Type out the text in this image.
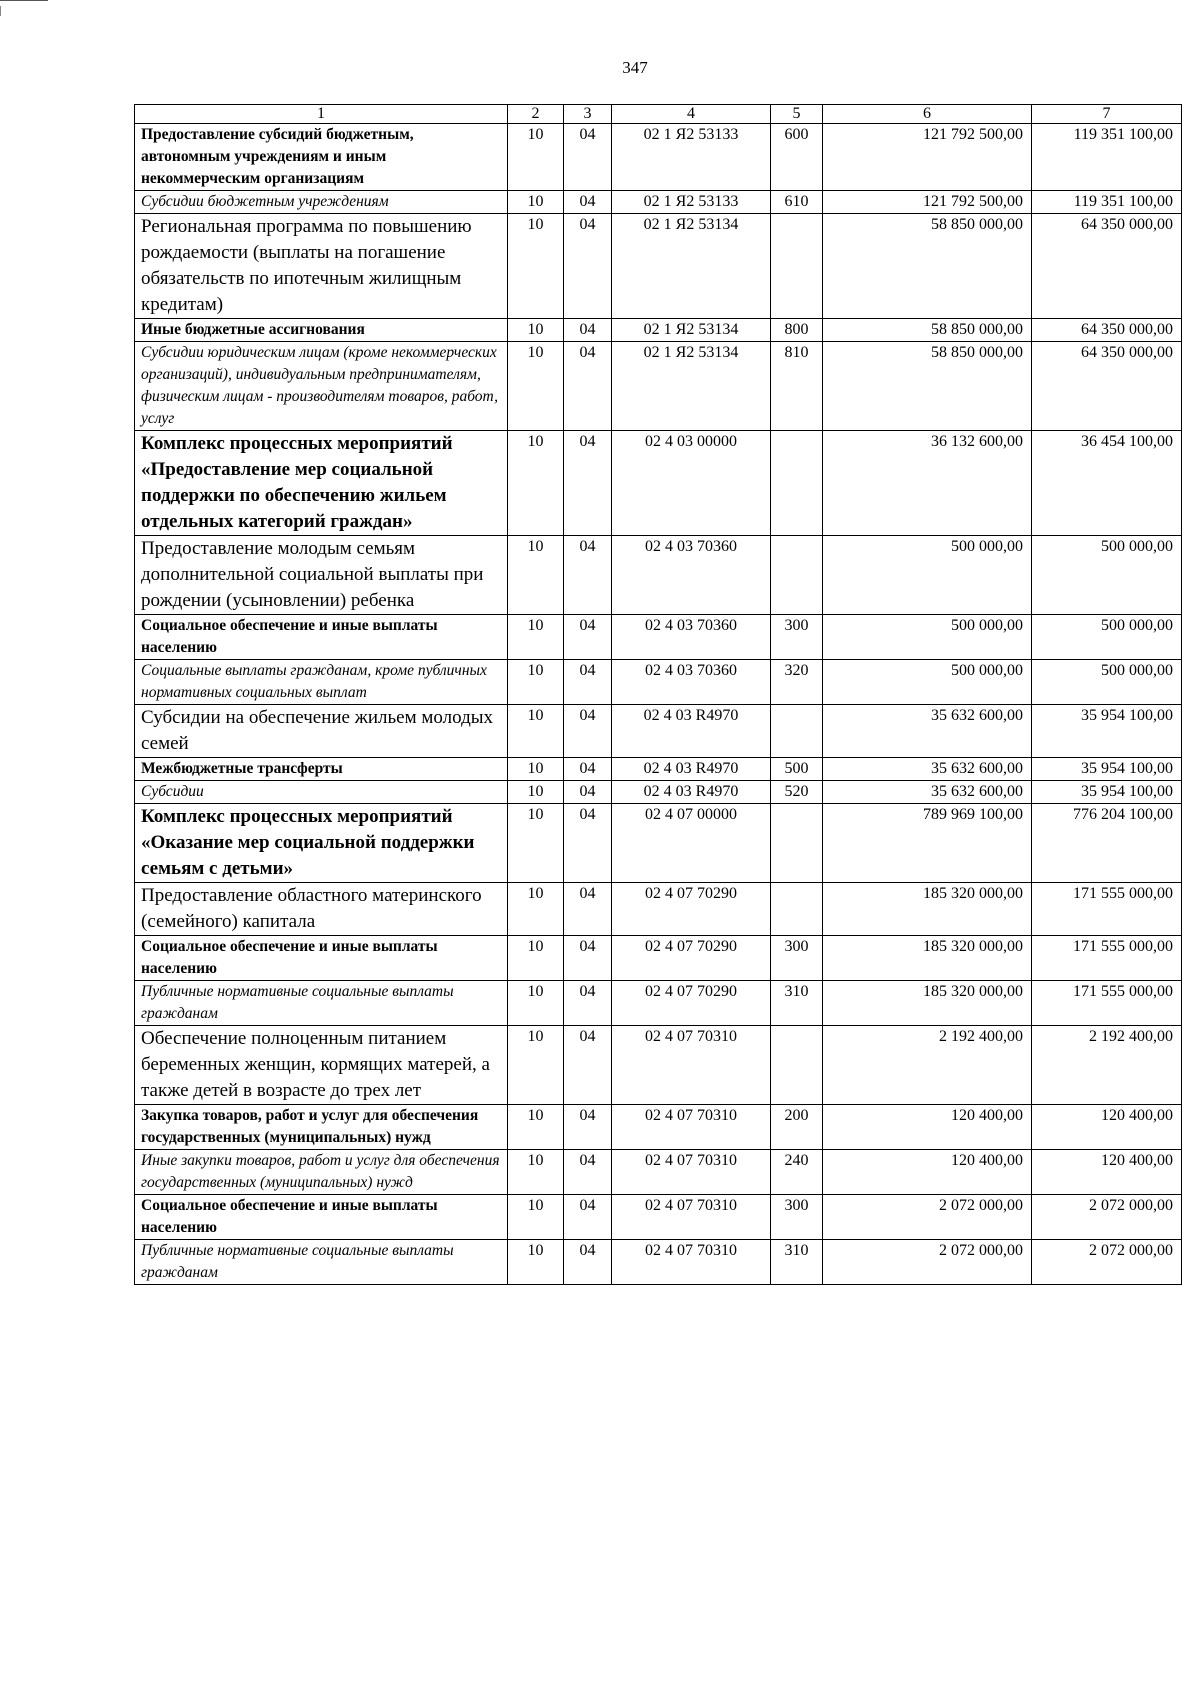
347
1	2	3	4	5	6	7
Предоставление субсидий бюджетным, автономным учреждениям и иным некоммерческим организациям	10	04	02 1 Я2 53133	600	121 792 500,00	119 351 100,00
Субсидии бюджетным учреждениям	10	04	02 1 Я2 53133	610	121 792 500,00	119 351 100,00
Региональная программа по повышению рождаемости (выплаты на погашение обязательств по ипотечным жилищным кредитам)	10	04	02 1 Я2 53134		58 850 000,00	64 350 000,00
Иные бюджетные ассигнования	10	04	02 1 Я2 53134	800	58 850 000,00	64 350 000,00
Субсидии юридическим лицам (кроме некоммерческих организаций), индивидуальным предпринимателям, физическим лицам - производителям товаров, работ, услуг	10	04	02 1 Я2 53134	810	58 850 000,00	64 350 000,00
Комплекс процессных мероприятий «Предоставление мер социальной поддержки по обеспечению жильем отдельных категорий граждан»	10	04	02 4 03 00000		36 132 600,00	36 454 100,00
Предоставление молодым семьям дополнительной социальной выплаты при рождении (усыновлении) ребенка	10	04	02 4 03 70360		500 000,00	500 000,00
Социальное обеспечение и иные выплаты населению	10	04	02 4 03 70360	300	500 000,00	500 000,00
Социальные выплаты гражданам, кроме публичных нормативных социальных выплат	10	04	02 4 03 70360	320	500 000,00	500 000,00
Субсидии на обеспечение жильем молодых семей	10	04	02 4 03 R4970		35 632 600,00	35 954 100,00
Межбюджетные трансферты	10	04	02 4 03 R4970	500	35 632 600,00	35 954 100,00
Субсидии	10	04	02 4 03 R4970	520	35 632 600,00	35 954 100,00
Комплекс процессных мероприятий «Оказание мер социальной поддержки семьям с детьми»	10	04	02 4 07 00000		789 969 100,00	776 204 100,00
Предоставление областного материнского (семейного) капитала	10	04	02 4 07 70290		185 320 000,00	171 555 000,00
Социальное обеспечение и иные выплаты населению	10	04	02 4 07 70290	300	185 320 000,00	171 555 000,00
Публичные нормативные социальные выплаты гражданам	10	04	02 4 07 70290	310	185 320 000,00	171 555 000,00
Обеспечение полноценным питанием беременных женщин, кормящих матерей, а также детей в возрасте до трех лет	10	04	02 4 07 70310		2 192 400,00	2 192 400,00
Закупка товаров, работ и услуг для обеспечения государственных (муниципальных) нужд	10	04	02 4 07 70310	200	120 400,00	120 400,00
Иные закупки товаров, работ и услуг для обеспечения государственных (муниципальных) нужд	10	04	02 4 07 70310	240	120 400,00	120 400,00
Социальное обеспечение и иные выплаты населению	10	04	02 4 07 70310	300	2 072 000,00	2 072 000,00
Публичные нормативные социальные выплаты гражданам	10	04	02 4 07 70310	310	2 072 000,00	2 072 000,00
